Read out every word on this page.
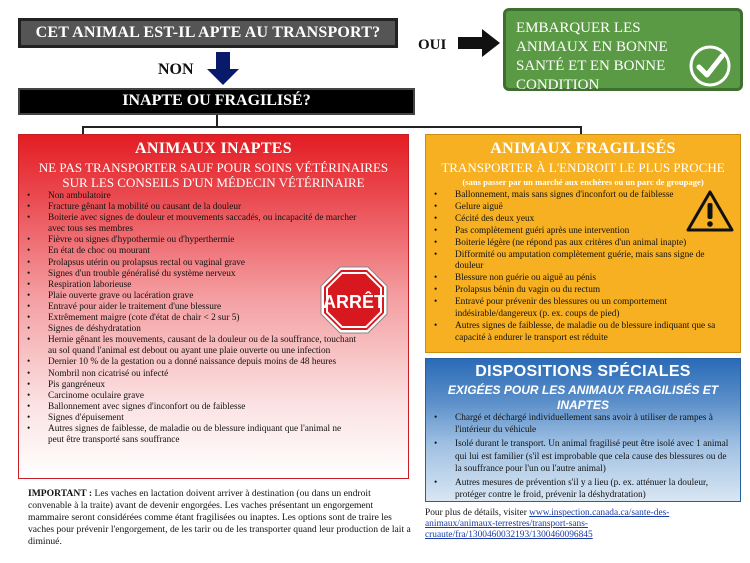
CET ANIMAL EST-IL APTE AU TRANSPORT?
OUI
EMBARQUER LES ANIMAUX EN BONNE SANTÉ ET EN BONNE CONDITION
NON
INAPTE OU FRAGILISÉ?
ANIMAUX INAPTES
NE PAS TRANSPORTER SAUF POUR SOINS VÉTÉRINAIRES SUR LES CONSEILS D'UN MÉDECIN VÉTÉRINAIRE
• Non ambulatoire
• Fracture gênant la mobilité ou causant de la douleur
• Boiterie avec signes de douleur et mouvements saccadés, ou incapacité de marcher avec tous ses membres
• Fièvre ou signes d'hypothermie ou d'hyperthermie
• En état de choc ou mourant
• Prolapsus utérin ou prolapsus rectal ou vaginal grave
• Signes d'un trouble généralisé du système nerveux
• Respiration laborieuse
• Plaie ouverte grave ou lacération grave
• Entravé pour aider le traitement d'une blessure
• Extrêmement maigre (cote d'état de chair < 2 sur 5)
• Signes de déshydratation
• Hernie gênant les mouvements, causant de la douleur ou de la souffrance, touchant au sol quand l'animal est debout ou ayant une plaie ouverte ou une infection
• Dernier 10 % de la gestation ou a donné naissance depuis moins de 48 heures
• Nombril non cicatrisé ou infecté
• Pis gangréneux
• Carcinome oculaire grave
• Ballonnement avec signes d'inconfort ou de faiblesse
• Signes d'épuisement
• Autres signes de faiblesse, de maladie ou de blessure indiquant que l'animal ne peut être transporté sans souffrance
ARRÊT
ANIMAUX FRAGILISÉS
TRANSPORTER À L'ENDROIT LE PLUS PROCHE
(sans passer par un marché aux enchères ou un parc de groupage)
• Ballonnement, mais sans signes d'inconfort ou de faiblesse
• Gelure aiguë
• Cécité des deux yeux
• Pas complètement guéri après une intervention
• Boiterie légère (ne répond pas aux critères d'un animal inapte)
• Difformité ou amputation complètement guérie, mais sans signe de douleur
• Blessure non guérie ou aiguë au pénis
• Prolapsus bénin du vagin ou du rectum
• Entravé pour prévenir des blessures ou un comportement indésirable/dangereux (p. ex. coups de pied)
• Autres signes de faiblesse, de maladie ou de blessure indiquant que sa capacité à endurer le transport est réduite
DISPOSITIONS SPÉCIALES
EXIGÉES POUR LES ANIMAUX FRAGILISÉS ET INAPTES
• Chargé et déchargé individuellement sans avoir à utiliser de rampes à l'intérieur du véhicule
• Isolé durant le transport. Un animal fragilisé peut être isolé avec 1 animal qui lui est familier (s'il est improbable que cela cause des blessures ou de la souffrance pour l'un ou l'autre animal)
• Autres mesures de prévention s'il y a lieu (p. ex. atténuer la douleur, protéger contre le froid, prévenir la déshydratation)
IMPORTANT : Les vaches en lactation doivent arriver à destination (ou dans un endroit convenable à la traite) avant de devenir engorgées. Les vaches présentant un engorgement mammaire seront considérées comme étant fragilisées ou inaptes. Les options sont de traire les vaches pour prévenir l'engorgement, de les tarir ou de les transporter quand leur production de lait a diminué.
Pour plus de détails, visiter www.inspection.canada.ca/sante-des-animaux/animaux-terrestres/transport-sans-cruaute/fra/1300460032193/1300460096845
